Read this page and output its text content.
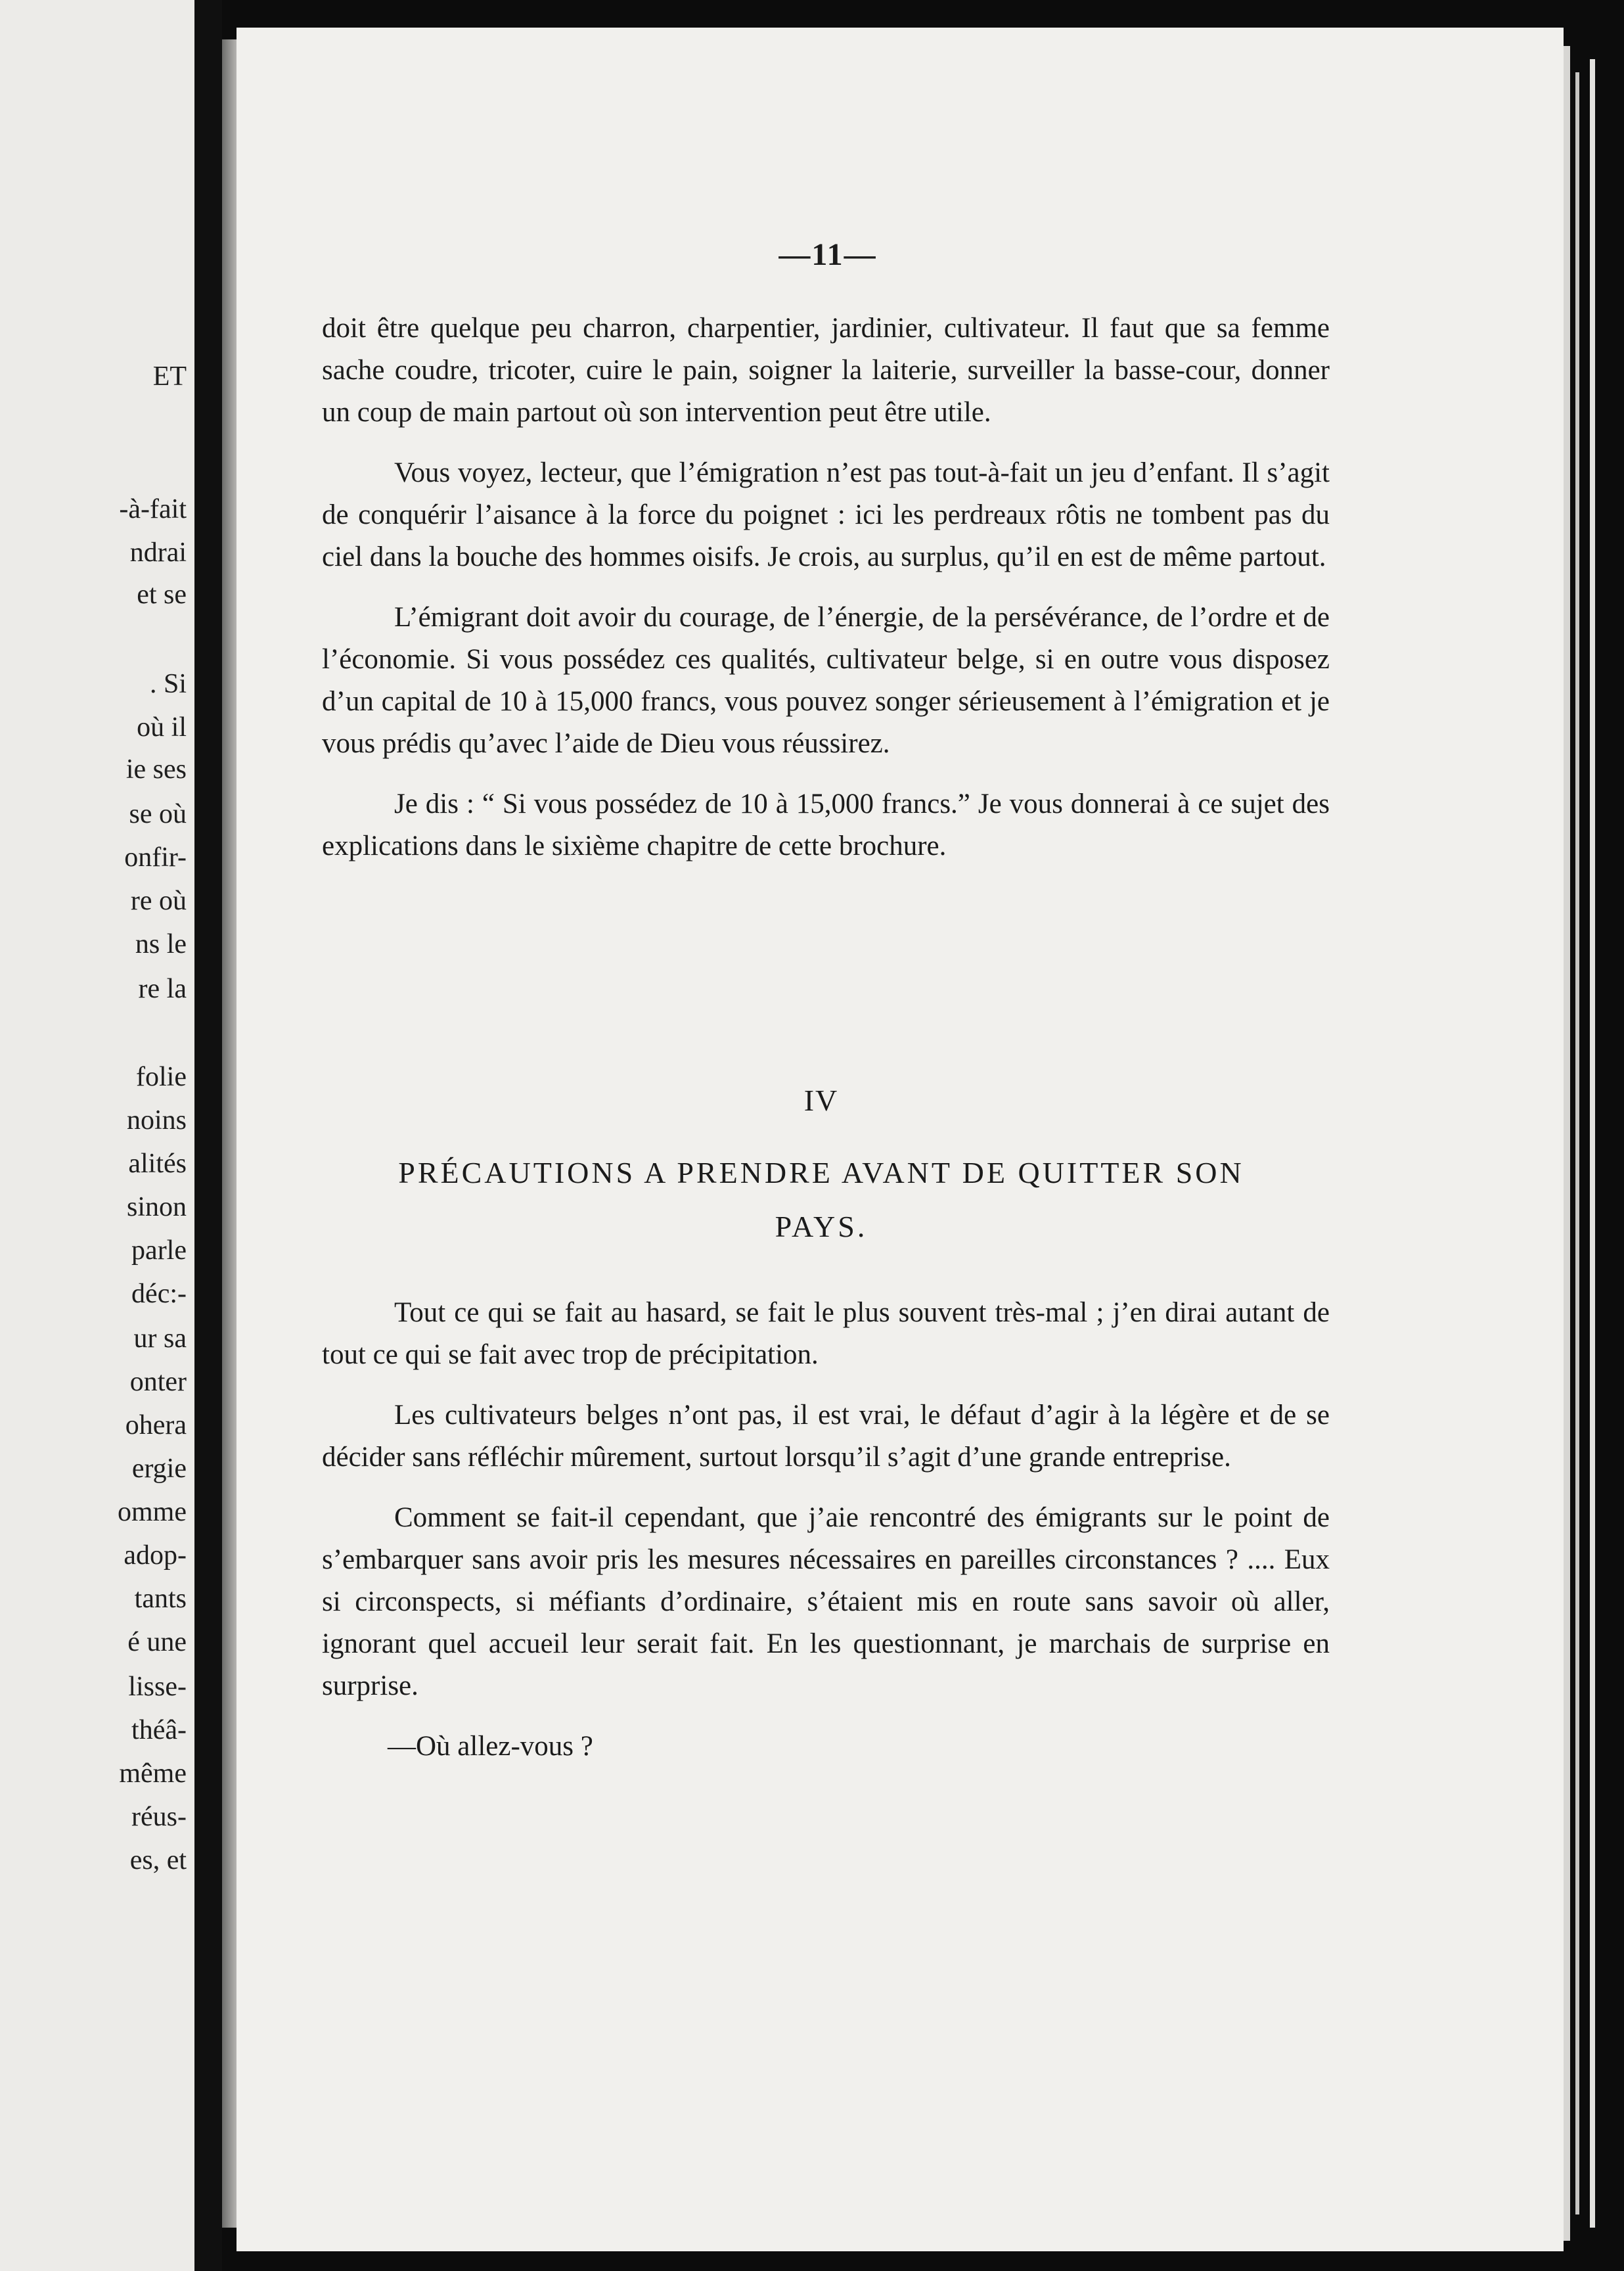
ET
-à-fait
ndrai
et se
. Si
où il
ie ses
se où
onfir-
re où
ns le
re la
folie
noins
alités
sinon
parle
déc:-
ur sa
onter
ohera
ergie
omme
adop-
tants
é une
lisse-
théâ-
même
réus-
es, et
—11—

doit être quelque peu charron, charpentier, jardinier, cultivateur. Il faut que sa femme sache coudre, tricoter, cuire le pain, soigner la laiterie, surveiller la basse-cour, donner un coup de main partout où son intervention peut être utile.

Vous voyez, lecteur, que l’émigration n’est pas tout-à-fait un jeu d’enfant. Il s’agit de conquérir l’aisance à la force du poignet : ici les perdreaux rôtis ne tombent pas du ciel dans la bouche des hommes oisifs. Je crois, au surplus, qu’il en est de même partout.

L’émigrant doit avoir du courage, de l’énergie, de la persévérance, de l’ordre et de l’économie. Si vous possédez ces qualités, cultivateur belge, si en outre vous disposez d’un capital de 10 à 15,000 francs, vous pouvez songer sérieusement à l’émigration et je vous prédis qu’avec l’aide de Dieu vous réussirez.

Je dis : “ Si vous possédez de 10 à 15,000 francs.” Je vous donnerai à ce sujet des explications dans le sixième chapitre de cette brochure.

IV
PRÉCAUTIONS A PRENDRE AVANT DE QUITTER SON
PAYS.

Tout ce qui se fait au hasard, se fait le plus souvent très-mal ; j’en dirai autant de tout ce qui se fait avec trop de précipitation.

Les cultivateurs belges n’ont pas, il est vrai, le défaut d’agir à la légère et de se décider sans réfléchir mûrement, surtout lorsqu’il s’agit d’une grande entreprise.

Comment se fait-il cependant, que j’aie rencontré des émigrants sur le point de s’embarquer sans avoir pris les mesures nécessaires en pareilles circonstances ? .... Eux si circonspects, si méfiants d’ordinaire, s’étaient mis en route sans savoir où aller, ignorant quel accueil leur serait fait. En les questionnant, je marchais de surprise en surprise.

—Où allez-vous ?
